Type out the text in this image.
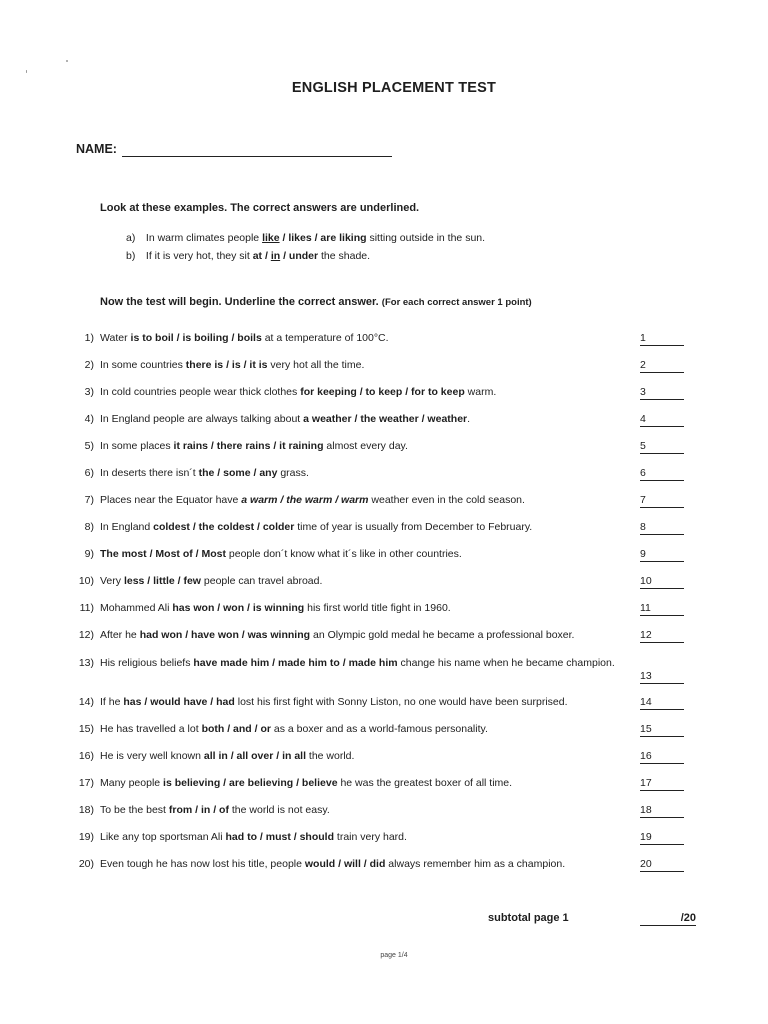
ENGLISH PLACEMENT TEST
NAME:
Look at these examples. The correct answers are underlined.
a) In warm climates people like / likes / are liking sitting outside in the sun.
b) If it is very hot, they sit at / in / under the shade.
Now the test will begin. Underline the correct answer. (For each correct answer 1 point)
1) Water is to boil / is boiling / boils at a temperature of 100°C.	1
2) In some countries there is / is / it is very hot all the time.	2
3) In cold countries people wear thick clothes for keeping / to keep / for to keep warm.	3
4) In England people are always talking about a weather / the weather / weather.	4
5) In some places it rains / there rains / it raining almost every day.	5
6) In deserts there isn´t the / some / any grass.	6
7) Places near the Equator have a warm / the warm / warm weather even in the cold season.	7
8) In England coldest / the coldest / colder time of year is usually from December to February.	8
9) The most / Most of / Most people don´t know what it´s like in other countries.	9
10) Very less / little / few people can travel abroad.	10
11) Mohammed Ali has won / won / is winning his first world title fight in 1960.	11
12) After he had won / have won / was winning an Olympic gold medal he became a professional boxer.	12
13) His religious beliefs have made him / made him to / made him change his name when he became champion.
13
14) If he has / would have / had lost his first fight with Sonny Liston, no one would have been surprised.	14
15) He has travelled a lot both / and / or as a boxer and as a world-famous personality.	15
16) He is very well known all in / all over / in all the world.	16
17) Many people is believing / are believing / believe he was the greatest boxer of all time.	17
18) To be the best from / in / of the world is not easy.	18
19) Like any top sportsman Ali had to / must / should train very hard.	19
20) Even tough he has now lost his title, people would / will / did always remember him as a champion.	20
subtotal page 1	/20
page 1/4
